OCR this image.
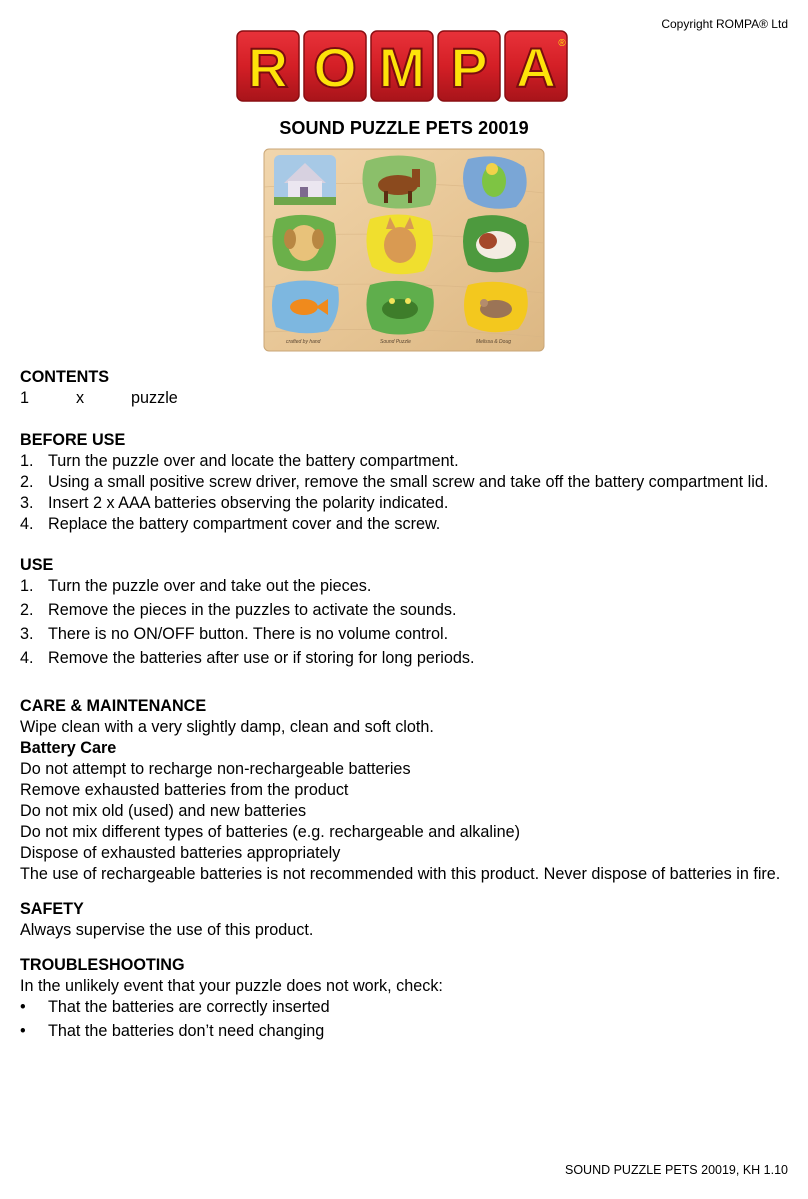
Copyright ROMPA® Ltd
R O M P A ®
SOUND PUZZLE PETS 20019
crafted by hand	Sound Puzzle	Melissa & Doug
CONTENTS
1	x	puzzle
BEFORE USE
1. Turn the puzzle over and locate the battery compartment.
2. Using a small positive screw driver, remove the small screw and take off the battery compartment lid.
3. Insert 2 x AAA batteries observing the polarity indicated.
4. Replace the battery compartment cover and the screw.
USE
1. Turn the puzzle over and take out the pieces.
2. Remove the pieces in the puzzles to activate the sounds.
3. There is no ON/OFF button. There is no volume control.
4. Remove the batteries after use or if storing for long periods.
CARE & MAINTENANCE
Wipe clean with a very slightly damp, clean and soft cloth.
Battery Care
Do not attempt to recharge non-rechargeable batteries
Remove exhausted batteries from the product
Do not mix old (used) and new batteries
Do not mix different types of batteries (e.g. rechargeable and alkaline)
Dispose of exhausted batteries appropriately
The use of rechargeable batteries is not recommended with this product. Never dispose of batteries in fire.
SAFETY
Always supervise the use of this product.
TROUBLESHOOTING
In the unlikely event that your puzzle does not work, check:
•	That the batteries are correctly inserted
•	That the batteries don’t need changing
SOUND PUZZLE PETS 20019, KH 1.10
